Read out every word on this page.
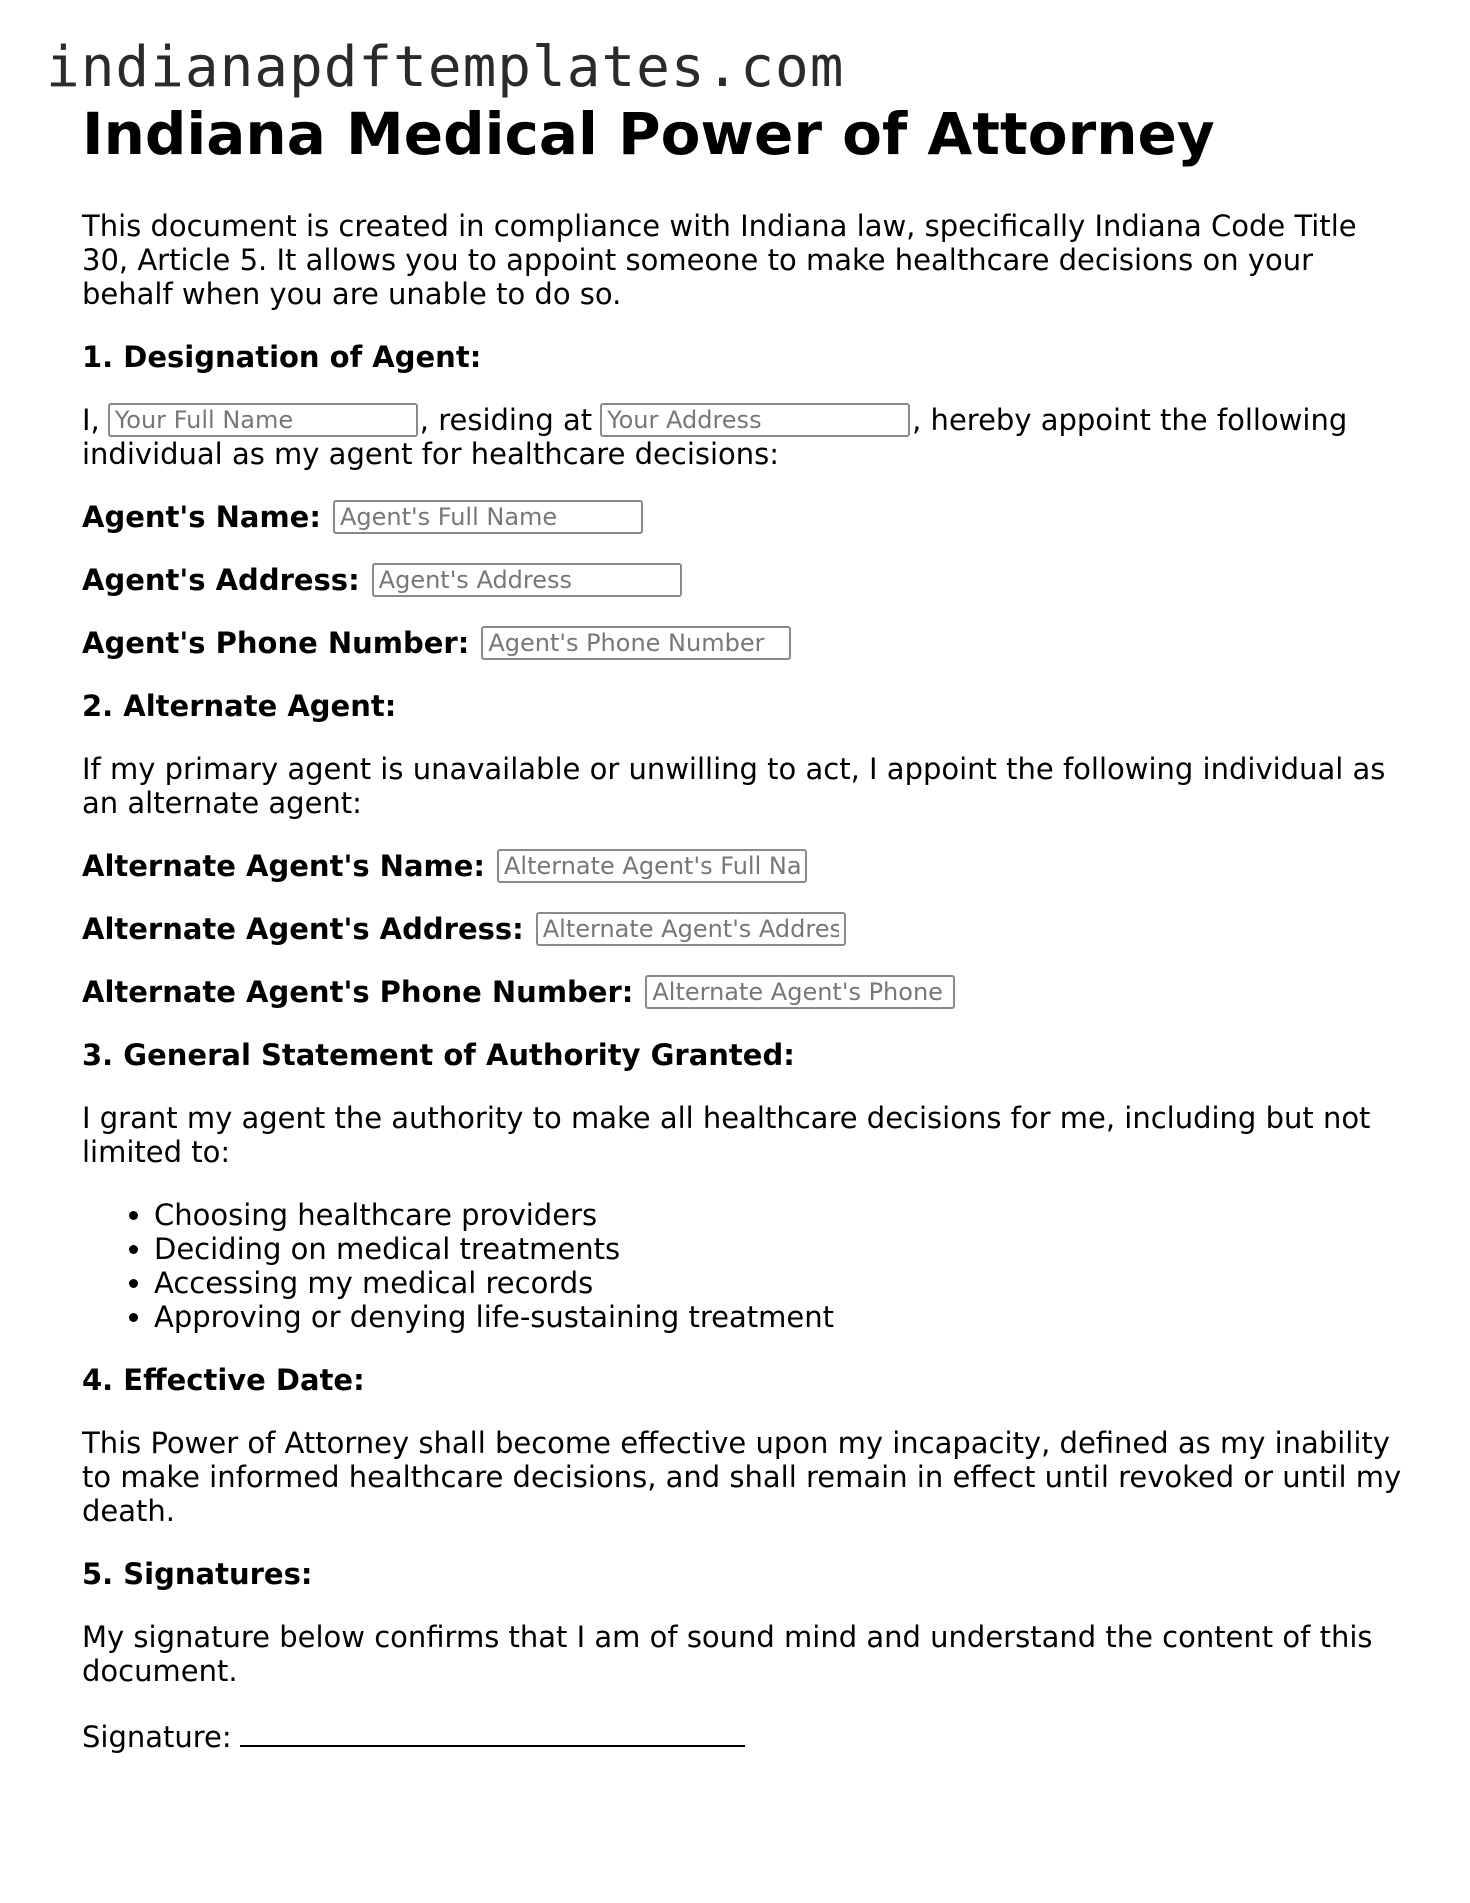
indianapdftemplates.com
Indiana Medical Power of Attorney

This document is created in compliance with Indiana law, specifically Indiana Code Title 30, Article 5. It allows you to appoint someone to make healthcare decisions on your behalf when you are unable to do so.

1. Designation of Agent:
I,
Your Full Name	, residing at
Your Address	, hereby appoint the following

individual as my agent for healthcare decisions:

Agent's Name:
Agent's Full Name
Agent's Address:
Agent's Address
Agent's Phone Number:
Agent's Phone Number
2. Alternate Agent:

If my primary agent is unavailable or unwilling to act, I appoint the following individual as an alternate agent:

Alternate Agent's Name:
Alternate Agent's Full Name
Alternate Agent's Address:
Alternate Agent's Address
Alternate Agent's Phone Number:
Alternate Agent's Phone Number
3. General Statement of Authority Granted:

I grant my agent the authority to make all healthcare decisions for me, including but not limited to:

• Choosing healthcare providers
• Deciding on medical treatments
• Accessing my medical records
• Approving or denying life-sustaining treatment
4. Effective Date:

This Power of Attorney shall become effective upon my incapacity, defined as my inability to make informed healthcare decisions, and shall remain in effect until revoked or until my death.

5. Signatures:

My signature below confirms that I am of sound mind and understand the content of this document.

Signature:
